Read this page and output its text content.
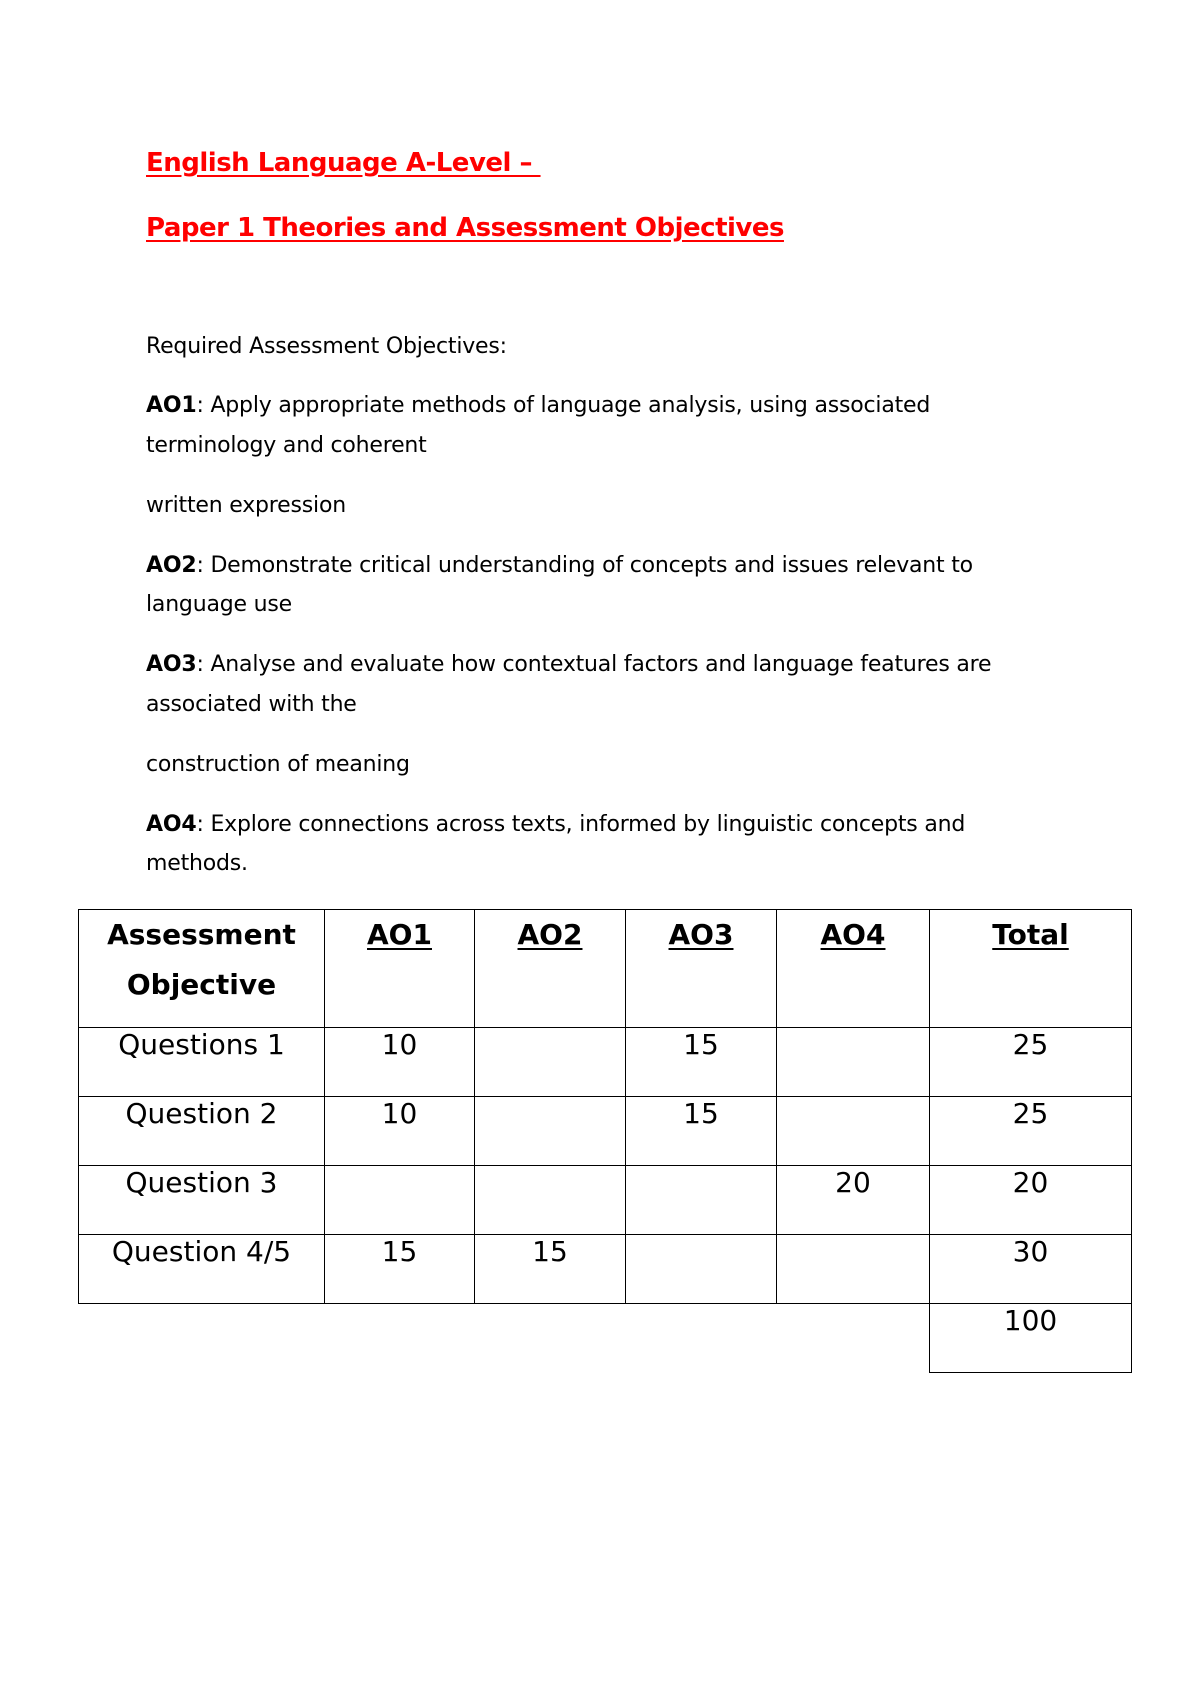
English Language A-Level –
Paper 1 Theories and Assessment Objectives
Required Assessment Objectives:
AO1: Apply appropriate methods of language analysis, using associated
terminology and coherent
written expression
AO2: Demonstrate critical understanding of concepts and issues relevant to
language use
AO3: Analyse and evaluate how contextual factors and language features are
associated with the
construction of meaning
AO4: Explore connections across texts, informed by linguistic concepts and
methods.
Assessment
Objective	AO1	AO2	AO3	AO4	Total
Questions 1	10		15		25
Question 2	10		15		25
Question 3				20	20
Question 4/5	15	15			30
					100
